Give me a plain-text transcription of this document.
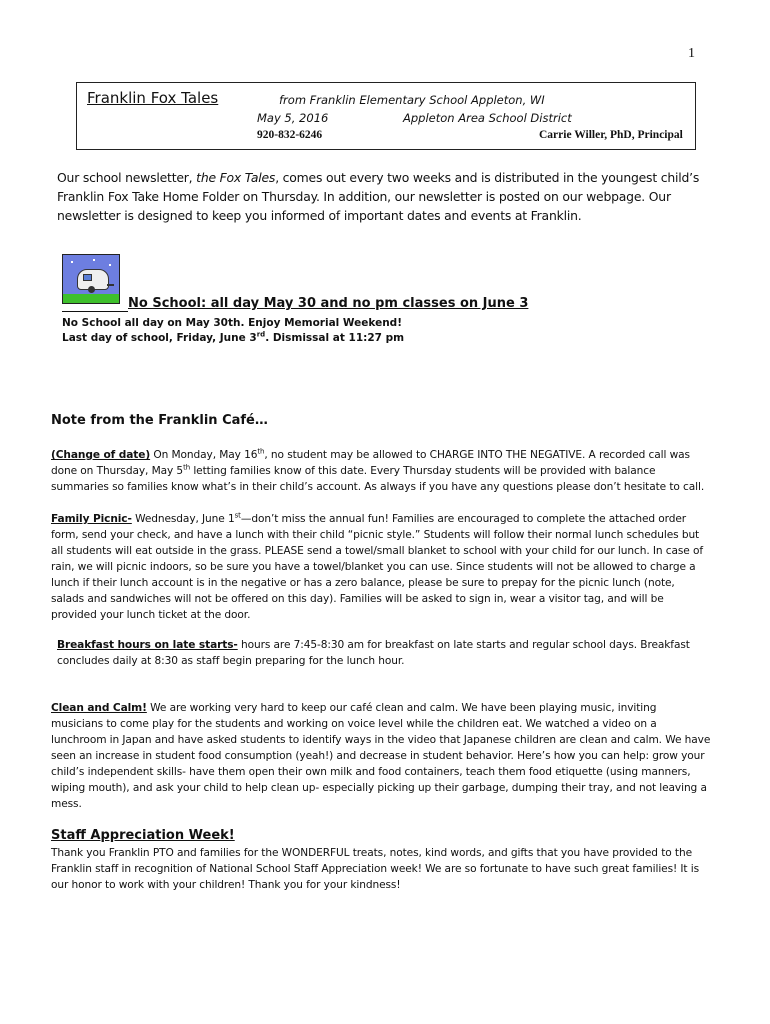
1
Franklin Fox Tales	from Franklin Elementary School Appleton, WI
May 5, 2016	Appleton Area School District
920-832-6246	Carrie Willer, PhD, Principal
Our school newsletter, the Fox Tales, comes out every two weeks and is distributed in the youngest child’s Franklin Fox Take Home Folder on Thursday. In addition, our newsletter is posted on our webpage. Our newsletter is designed to keep you informed of important dates and events at Franklin.
No School: all day May 30 and no pm classes on June 3
No School all day on May 30th. Enjoy Memorial Weekend!
Last day of school, Friday, June 3rd. Dismissal at 11:27 pm
Note from the Franklin Café…
(Change of date) On Monday, May 16th, no student may be allowed to CHARGE INTO THE NEGATIVE. A recorded call was done on Thursday, May 5th letting families know of this date. Every Thursday students will be provided with balance summaries so families know what’s in their child’s account. As always if you have any questions please don’t hesitate to call.
Family Picnic- Wednesday, June 1st—don’t miss the annual fun! Families are encouraged to complete the attached order form, send your check, and have a lunch with their child “picnic style.” Students will follow their normal lunch schedules but all students will eat outside in the grass. PLEASE send a towel/small blanket to school with your child for our lunch. In case of rain, we will picnic indoors, so be sure you have a towel/blanket you can use. Since students will not be allowed to charge a lunch if their lunch account is in the negative or has a zero balance, please be sure to prepay for the picnic lunch (note, salads and sandwiches will not be offered on this day). Families will be asked to sign in, wear a visitor tag, and will be provided your lunch ticket at the door.
Breakfast hours on late starts- hours are 7:45-8:30 am for breakfast on late starts and regular school days. Breakfast concludes daily at 8:30 as staff begin preparing for the lunch hour.
Clean and Calm! We are working very hard to keep our café clean and calm. We have been playing music, inviting musicians to come play for the students and working on voice level while the children eat. We watched a video on a lunchroom in Japan and have asked students to identify ways in the video that Japanese children are clean and calm. We have seen an increase in student food consumption (yeah!) and decrease in student behavior. Here’s how you can help: grow your child’s independent skills- have them open their own milk and food containers, teach them food etiquette (using manners, wiping mouth), and ask your child to help clean up- especially picking up their garbage, dumping their tray, and not leaving a mess.
Staff Appreciation Week!
Thank you Franklin PTO and families for the WONDERFUL treats, notes, kind words, and gifts that you have provided to the Franklin staff in recognition of National School Staff Appreciation week! We are so fortunate to have such great families! It is our honor to work with your children! Thank you for your kindness!
